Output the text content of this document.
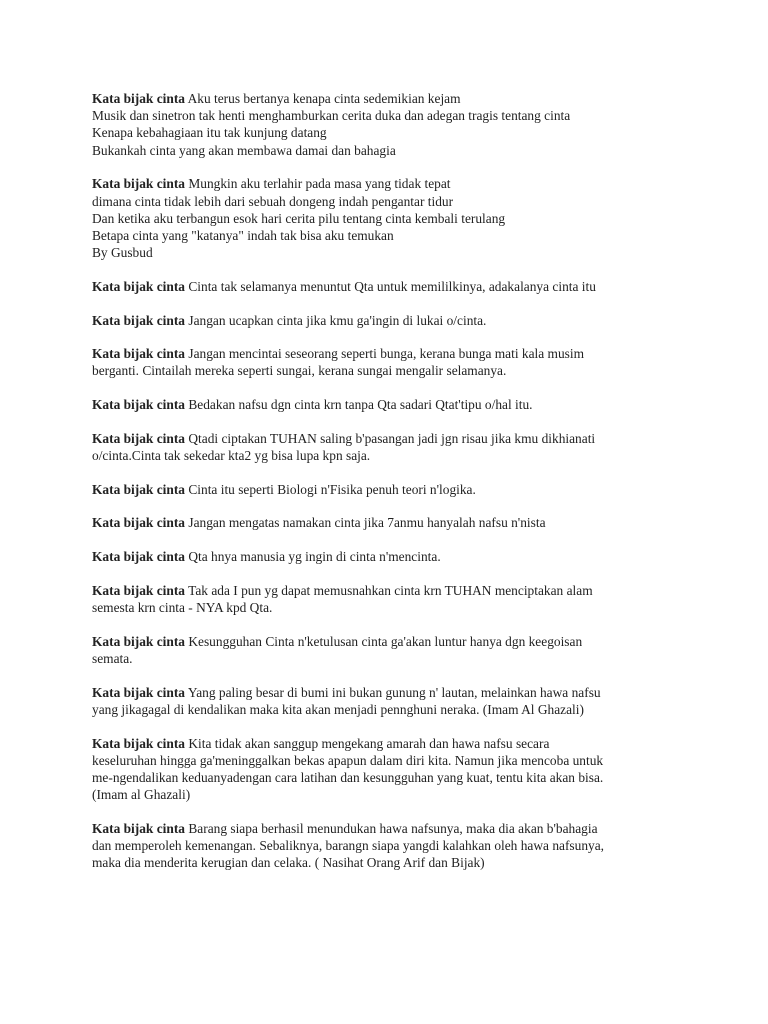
Kata bijak cinta Aku terus bertanya kenapa cinta sedemikian kejam
Musik dan sinetron tak henti menghamburkan cerita duka dan adegan tragis tentang cinta
Kenapa kebahagiaan itu tak kunjung datang
Bukankah cinta yang akan membawa damai dan bahagia
Kata bijak cinta Mungkin aku terlahir pada masa yang tidak tepat
dimana cinta tidak lebih dari sebuah dongeng indah pengantar tidur
Dan ketika aku terbangun esok hari cerita pilu tentang cinta kembali terulang
Betapa cinta yang "katanya" indah tak bisa aku temukan
By Gusbud
Kata bijak cinta Cinta tak selamanya menuntut Qta untuk memililkinya, adakalanya cinta itu
Kata bijak cinta Jangan ucapkan cinta jika kmu ga'ingin di lukai o/cinta.
Kata bijak cinta Jangan mencintai seseorang seperti bunga, kerana bunga mati kala musim
berganti. Cintailah mereka seperti sungai, kerana sungai mengalir selamanya.
Kata bijak cinta Bedakan nafsu dgn cinta krn tanpa Qta sadari Qtat'tipu o/hal itu.
Kata bijak cinta Qtadi ciptakan TUHAN saling b'pasangan jadi jgn risau jika kmu dikhianati
o/cinta.Cinta tak sekedar kta2 yg bisa lupa kpn saja.
Kata bijak cinta Cinta itu seperti Biologi n'Fisika penuh teori n'logika.
Kata bijak cinta Jangan mengatas namakan cinta jika 7anmu hanyalah nafsu n'nista
Kata bijak cinta Qta hnya manusia yg ingin di cinta n'mencinta.
Kata bijak cinta Tak ada I pun yg dapat memusnahkan cinta krn TUHAN menciptakan alam
semesta krn cinta - NYA kpd Qta.
Kata bijak cinta Kesungguhan Cinta n'ketulusan cinta ga'akan luntur hanya dgn keegoisan
semata.
Kata bijak cinta Yang paling besar di bumi ini bukan gunung n' lautan, melainkan hawa nafsu
yang jikagagal di kendalikan maka kita akan menjadi pennghuni neraka. (Imam Al Ghazali)
Kata bijak cinta Kita tidak akan sanggup mengekang amarah dan hawa nafsu secara
keseluruhan hingga ga'meninggalkan bekas apapun dalam diri kita. Namun jika mencoba untuk
me-ngendalikan keduanyadengan cara latihan dan kesungguhan yang kuat, tentu kita akan bisa.
(Imam al Ghazali)
Kata bijak cinta Barang siapa berhasil menundukan hawa nafsunya, maka dia akan b'bahagia
dan memperoleh kemenangan. Sebaliknya, barangn siapa yangdi kalahkan oleh hawa nafsunya,
maka dia menderita kerugian dan celaka. ( Nasihat Orang Arif dan Bijak)
